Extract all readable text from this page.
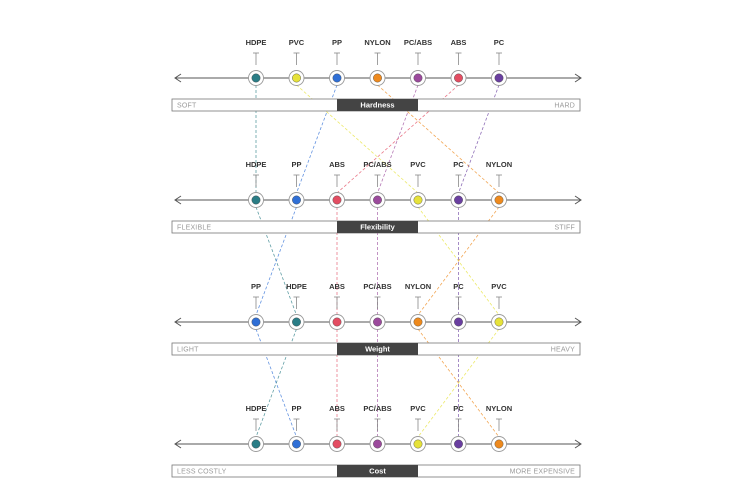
HDPE	PVC	PP	NYLON PC/ABS ABS	PC
Hardness
SOFT	HARD
HDPE	PP	ABS PC/ABS PVC	PC	NYLON
Flexibility
FLEXIBLE	STIFF
PP	HDPE	ABS PC/ABS NYLON	PC	PVC
Weight
LIGHT	HEAVY
HDPE	PP	ABS PC/ABS PVC	PC	NYLON
Cost
LESS COSTLY	MORE EXPENSIVE
